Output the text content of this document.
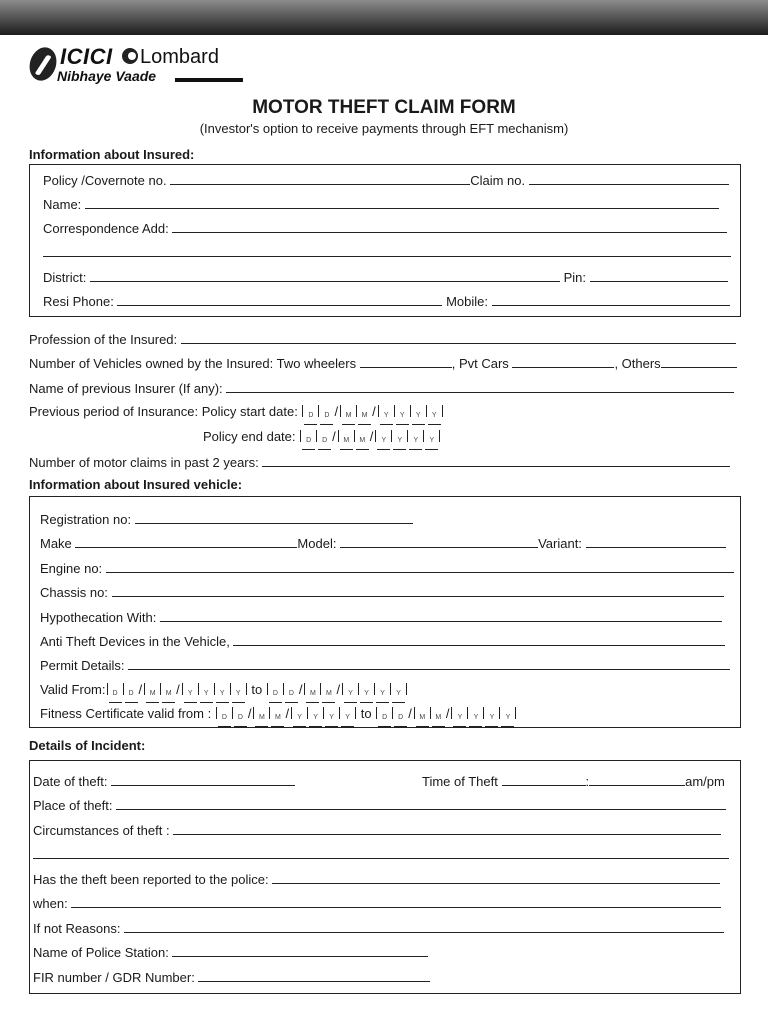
ICICI Lombard
Nibhaye Vaade
MOTOR THEFT CLAIM FORM
(Investor's option to receive payments through EFT mechanism)
Information about Insured:
Policy /Covernote no.	Claim no.
Name:
Correspondence Add:
District:	Pin:
Resi Phone:	Mobile:
Profession of the Insured:
Number of Vehicles owned by the Insured: Two wheelers	, Pvt Cars	, Others
Name of previous Insurer (If any):
Previous period of Insurance: Policy start date: D D / M M / Y Y Y Y
Policy end date: D D / M M / Y Y Y Y
Number of motor claims in past 2 years:
Information about Insured vehicle:
Registration no:
Make	Model:	Variant:
Engine no:
Chassis no:
Hypothecation With:
Anti Theft Devices in the Vehicle,
Permit Details:
Valid From: D D / M M / Y Y Y Y to D D / M M / Y Y Y Y
Fitness Certificate valid from : D D / M M / Y Y Y Y to D D / M M / Y Y Y Y
Details of Incident:
Date of theft:	Time of Theft	:	am/pm
Place of theft:
Circumstances of theft :
Has the theft been reported to the police:
when:
If not Reasons:
Name of Police Station:
FIR number / GDR Number:
